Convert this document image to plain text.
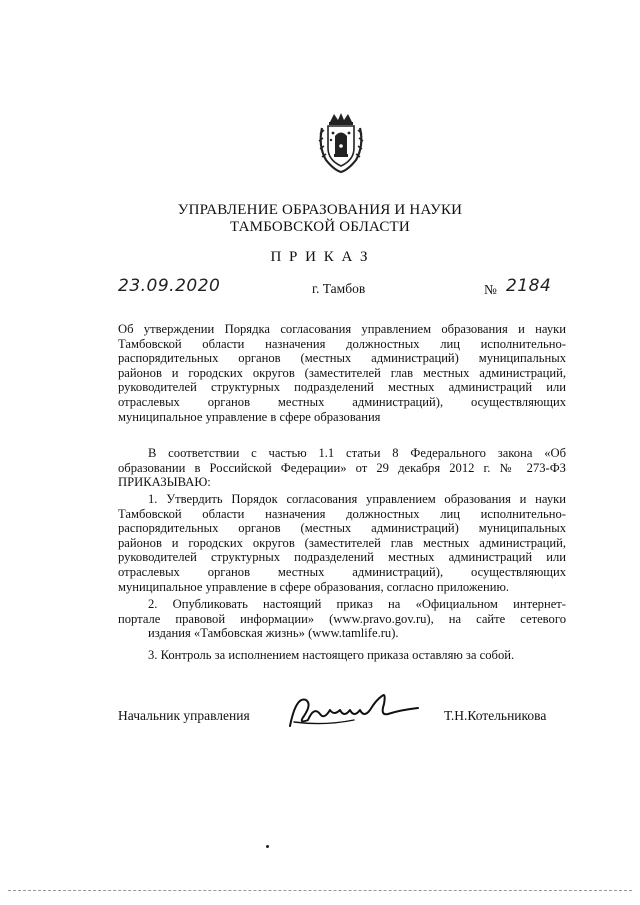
УПРАВЛЕНИЕ ОБРАЗОВАНИЯ И НАУКИ
ТАМБОВСКОЙ ОБЛАСТИ
П Р И К А З
23.09.2020	г. Тамбов	№ 2184
Об утверждении Порядка согласования управлением образования и науки
Тамбовской области назначения должностных лиц исполнительно-
распорядительных органов (местных администраций) муниципальных
районов и городских округов (заместителей глав местных администраций,
руководителей структурных подразделений местных администраций или
отраслевых органов местных администраций), осуществляющих
муниципальное управление в сфере образования
В соответствии с частью 1.1 статьи 8 Федерального закона «Об
образовании в Российской Федерации» от 29 декабря 2012 г. № 273-ФЗ
ПРИКАЗЫВАЮ:
1. Утвердить Порядок согласования управлением образования и науки
Тамбовской области назначения должностных лиц исполнительно-
распорядительных органов (местных администраций) муниципальных
районов и городских округов (заместителей глав местных администраций,
руководителей структурных подразделений местных администраций или
отраслевых органов местных администраций), осуществляющих
муниципальное управление в сфере образования, согласно приложению.
2. Опубликовать настоящий приказ на «Официальном интернет-
портале правовой информации» (www.pravo.gov.ru), на сайте сетевого
издания «Тамбовская жизнь» (www.tamlife.ru).
3. Контроль за исполнением настоящего приказа оставляю за собой.
Начальник управления	Т.Н.Котельникова
